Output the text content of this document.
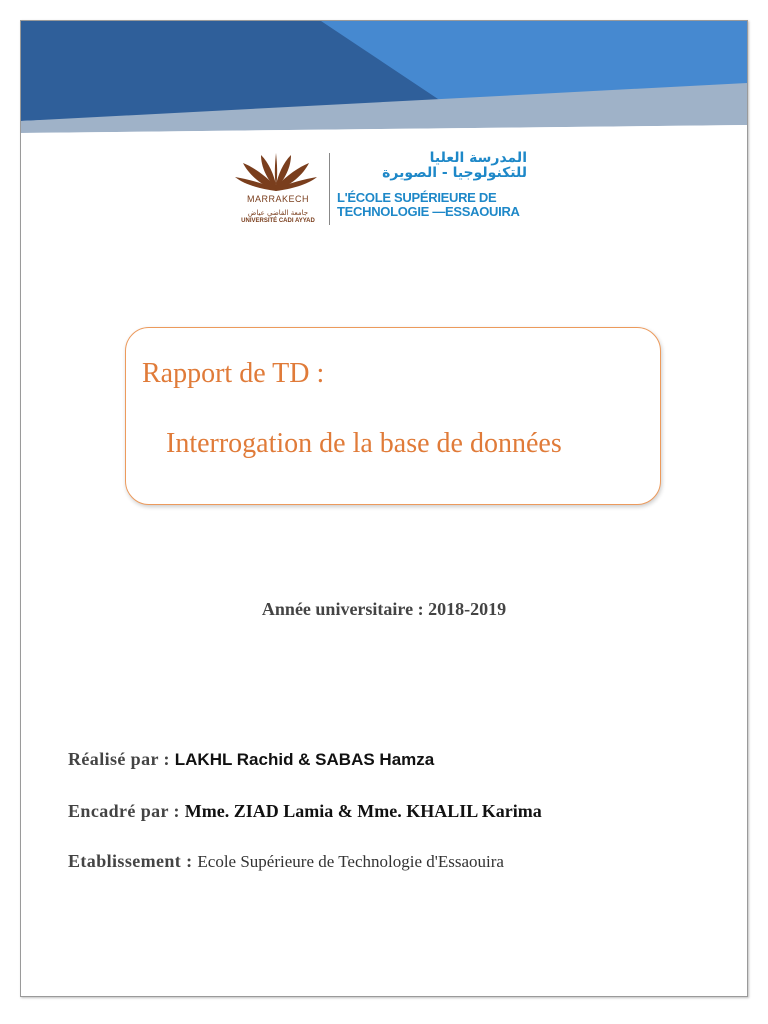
MARRAKECH
جامعة القاضي عياض
UNIVERSITÉ CADI AYYAD
المدرسة العليا
للتكنولوجيا - الصويرة
L'ÉCOLE SUPÉRIEURE DE
TECHNOLOGIE —ESSAOUIRA
Rapport de TD :
Interrogation de la base de données
Année universitaire : 2018-2019
Réalisé par : LAKHL Rachid & SABAS Hamza
Encadré par : Mme. ZIAD Lamia & Mme. KHALIL Karima
Etablissement : Ecole Supérieure de Technologie d'Essaouira
